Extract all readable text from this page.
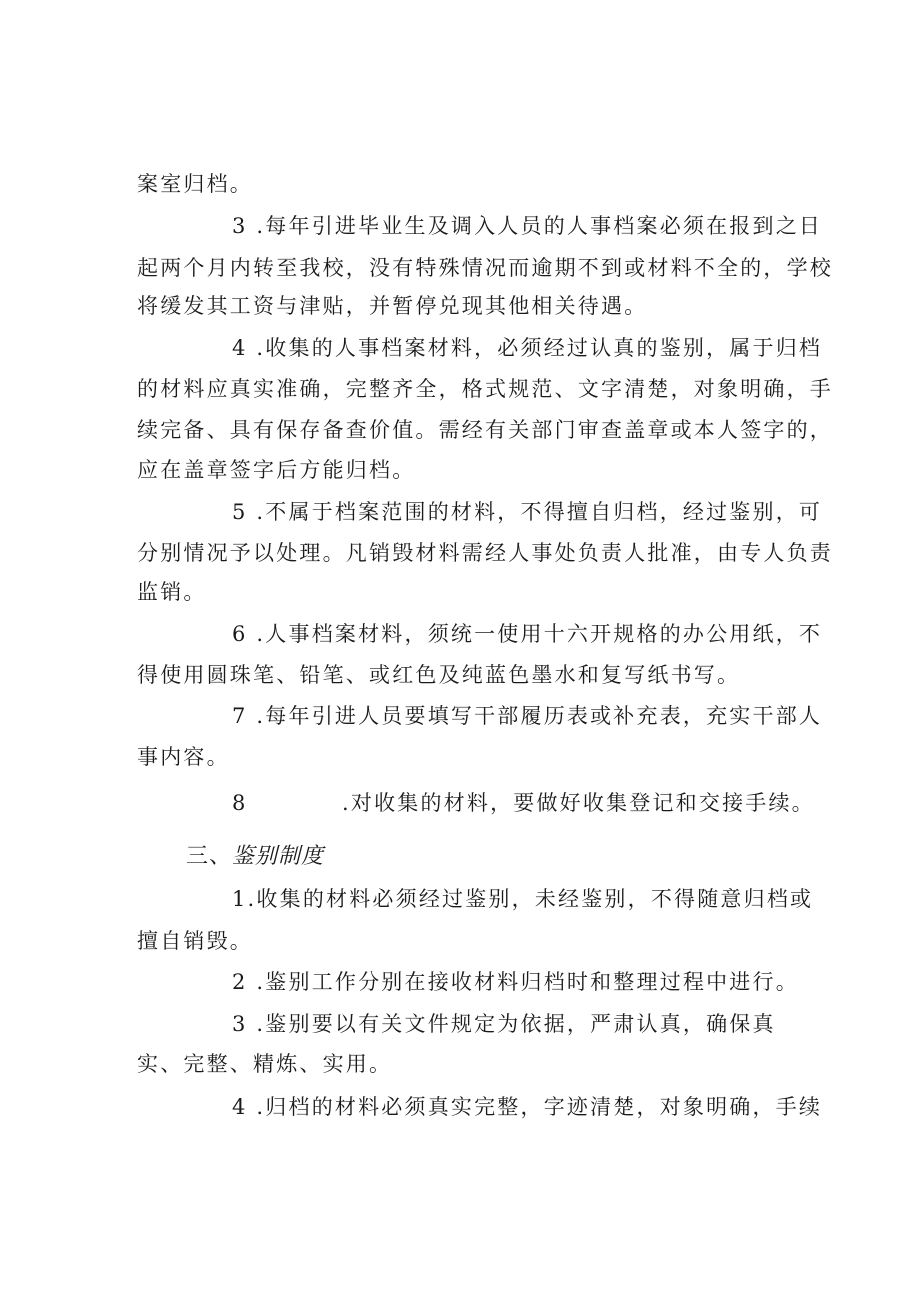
案室归档。
3 .每年引进毕业生及调入人员的人事档案必须在报到之日
起两个月内转至我校，没有特殊情况而逾期不到或材料不全的，学校
将缓发其工资与津贴，并暂停兑现其他相关待遇。
4 .收集的人事档案材料，必须经过认真的鉴别，属于归档
的材料应真实准确，完整齐全，格式规范、文字清楚，对象明确，手
续完备、具有保存备查价值。需经有关部门审查盖章或本人签字的，
应在盖章签字后方能归档。
5 .不属于档案范围的材料，不得擅自归档，经过鉴别，可
分别情况予以处理。凡销毁材料需经人事处负责人批准，由专人负责
监销。
6 .人事档案材料，须统一使用十六开规格的办公用纸，不
得使用圆珠笔、铅笔、或红色及纯蓝色墨水和复写纸书写。
7 .每年引进人员要填写干部履历表或补充表，充实干部人
事内容。
8	.对收集的材料，要做好收集登记和交接手续。
三、鉴别制度
1.收集的材料必须经过鉴别，未经鉴别，不得随意归档或
擅自销毁。
2 .鉴别工作分别在接收材料归档时和整理过程中进行。
3 .鉴别要以有关文件规定为依据，严肃认真，确保真
实、完整、精炼、实用。
4 .归档的材料必须真实完整，字迹清楚，对象明确，手续
